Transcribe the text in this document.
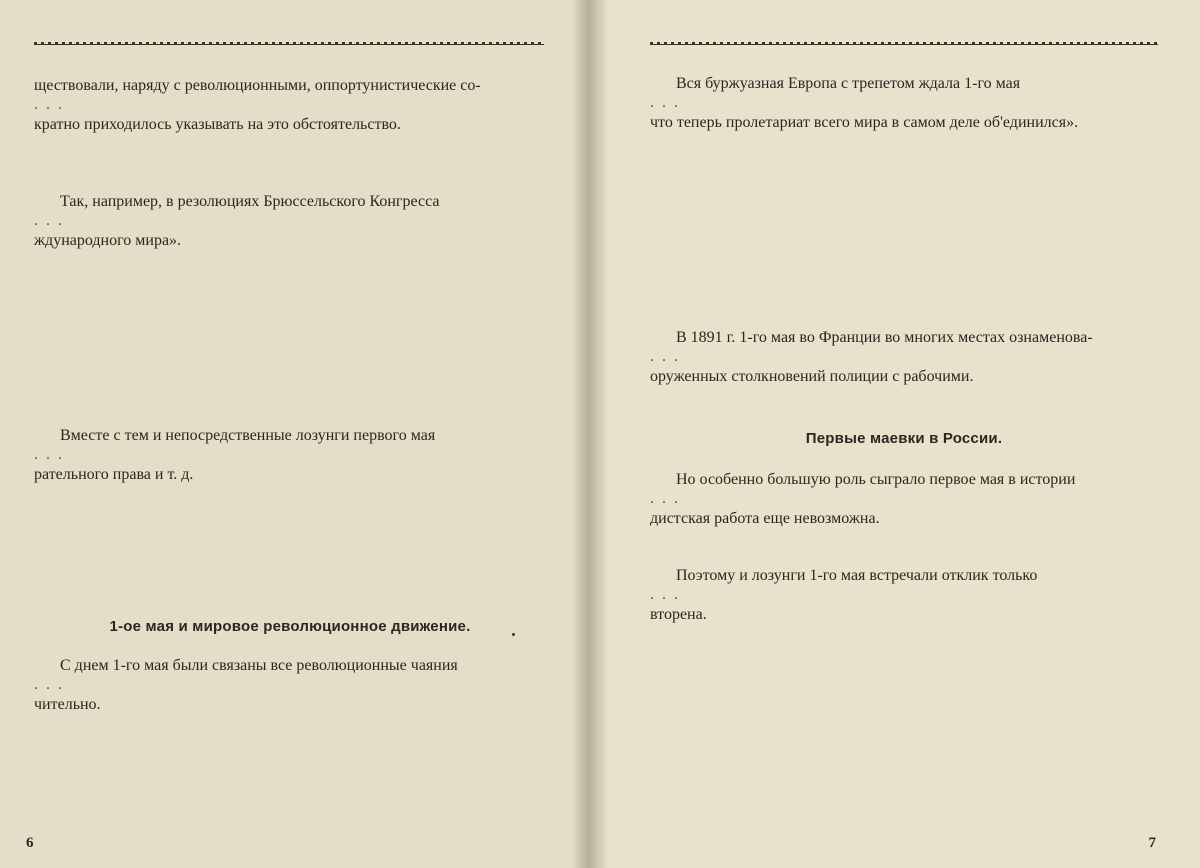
ществовали, наряду с революционными, оппортунистические со-
. . .
кратно приходилось указывать на это обстоятельство.
Так, например, в резолюциях Брюссельского Конгресса
. . .
ждународного мира».
Вместе с тем и непосредственные лозунги первого мая
. . .
рательного права и т. д.
1-ое мая и мировое революционное движение.
С днем 1-го мая были связаны все революционные чаяния
. . .
чительно.
6
Вся буржуазная Европа с трепетом ждала 1-го мая
. . .
что теперь пролетариат всего мира в самом деле об'единился».
В 1891 г. 1-го мая во Франции во многих местах ознаменова-
. . .
оруженных столкновений полиции с рабочими.
Первые маевки в России.
Но особенно большую роль сыграло первое мая в истории
. . .
дистская работа еще невозможна.
Поэтому и лозунги 1-го мая встречали отклик только
. . .
вторена.
7
